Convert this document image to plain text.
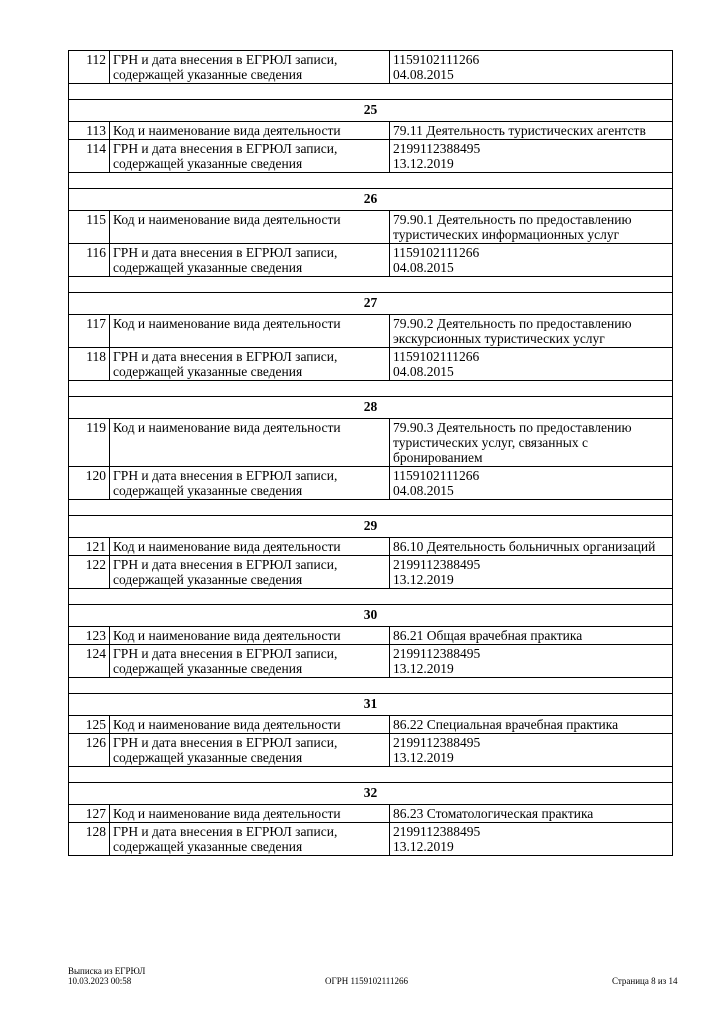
112	ГРН и дата внесения в ЕГРЮЛ записи, содержащей указанные сведения	1159102111266
04.08.2015

25		
113	Код и наименование вида деятельности	79.11 Деятельность туристических агентств

114	ГРН и дата внесения в ЕГРЮЛ записи, содержащей указанные сведения	2199112388495
13.12.2019

26		
115	Код и наименование вида деятельности	79.90.1 Деятельность по предоставлению туристических информационных услуг

116	ГРН и дата внесения в ЕГРЮЛ записи, содержащей указанные сведения	1159102111266
04.08.2015

27		
117	Код и наименование вида деятельности	79.90.2 Деятельность по предоставлению экскурсионных туристических услуг

118	ГРН и дата внесения в ЕГРЮЛ записи, содержащей указанные сведения	1159102111266
04.08.2015

28		
119	Код и наименование вида деятельности	79.90.3 Деятельность по предоставлению туристических услуг, связанных с бронированием

120	ГРН и дата внесения в ЕГРЮЛ записи, содержащей указанные сведения	1159102111266
04.08.2015

29		
121	Код и наименование вида деятельности	86.10 Деятельность больничных организаций

122	ГРН и дата внесения в ЕГРЮЛ записи, содержащей указанные сведения	2199112388495
13.12.2019

30		
123	Код и наименование вида деятельности	86.21 Общая врачебная практика

124	ГРН и дата внесения в ЕГРЮЛ записи, содержащей указанные сведения	2199112388495
13.12.2019

31		
125	Код и наименование вида деятельности	86.22 Специальная врачебная практика

126	ГРН и дата внесения в ЕГРЮЛ записи, содержащей указанные сведения	2199112388495
13.12.2019

32		
127	Код и наименование вида деятельности	86.23 Стоматологическая практика

128	ГРН и дата внесения в ЕГРЮЛ записи, содержащей указанные сведения	2199112388495
13.12.2019
Выписка из ЕГРЮЛ
10.03.2023 00:58	ОГРН 1159102111266	Страница 8 из 14
